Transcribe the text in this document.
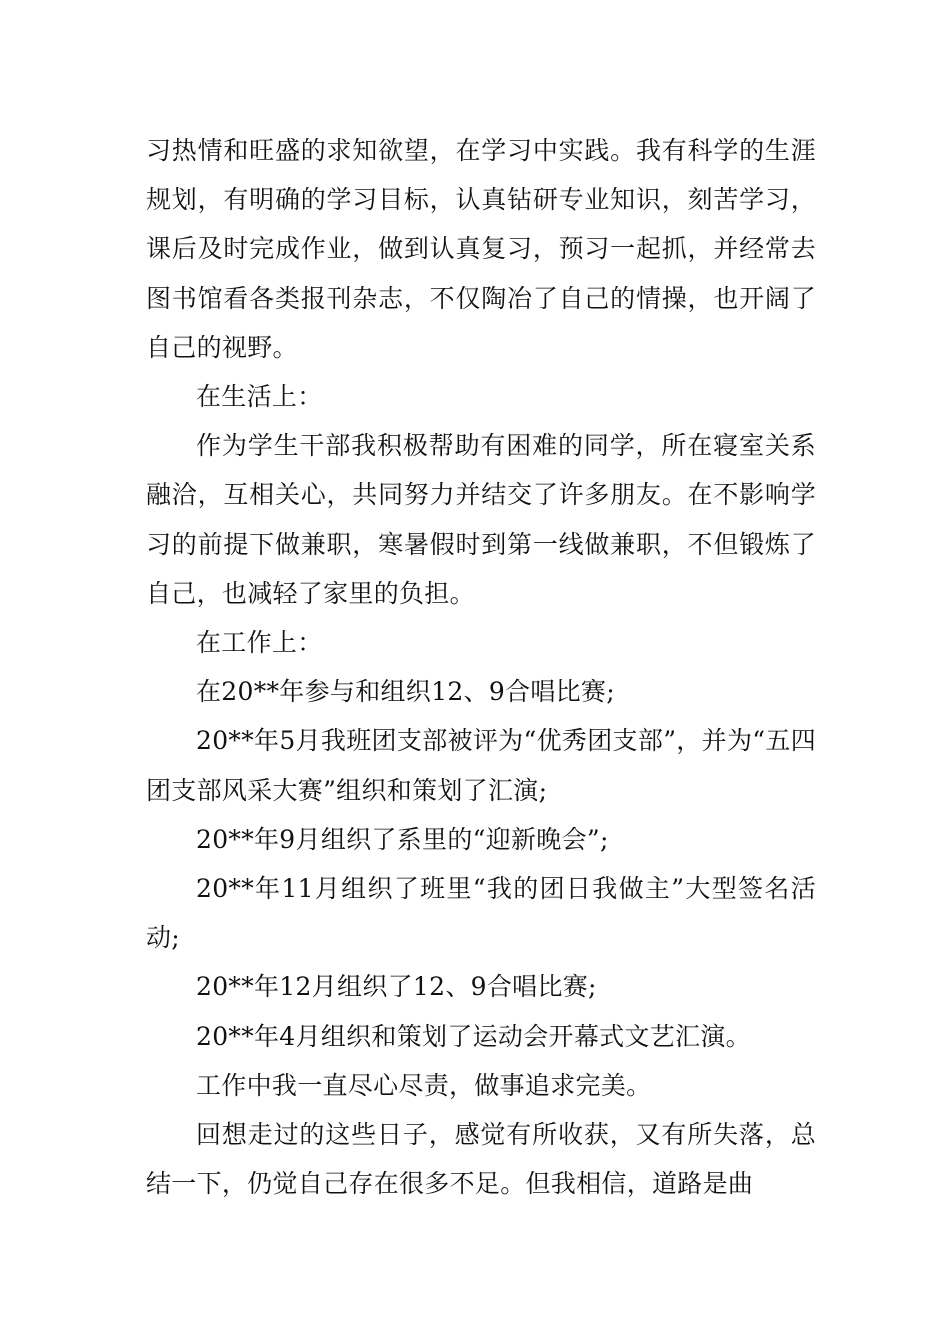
习热情和旺盛的求知欲望，在学习中实践。我有科学的生涯规划，有明确的学习目标，认真钻研专业知识，刻苦学习，课后及时完成作业，做到认真复习，预习一起抓，并经常去图书馆看各类报刊杂志，不仅陶冶了自己的情操，也开阔了自己的视野。

在生活上：

作为学生干部我积极帮助有困难的同学，所在寝室关系融洽，互相关心，共同努力并结交了许多朋友。在不影响学习的前提下做兼职，寒暑假时到第一线做兼职，不但锻炼了自己，也减轻了家里的负担。

在工作上：

在20**年参与和组织12、9合唱比赛;

20**年5月我班团支部被评为“优秀团支部”，并为“五四团支部风采大赛”组织和策划了汇演;

20**年9月组织了系里的“迎新晚会”;

20**年11月组织了班里“我的团日我做主”大型签名活动;

20**年12月组织了12、9合唱比赛;

20**年4月组织和策划了运动会开幕式文艺汇演。

工作中我一直尽心尽责，做事追求完美。

回想走过的这些日子，感觉有所收获，又有所失落，总结一下，仍觉自己存在很多不足。但我相信，道路是曲
